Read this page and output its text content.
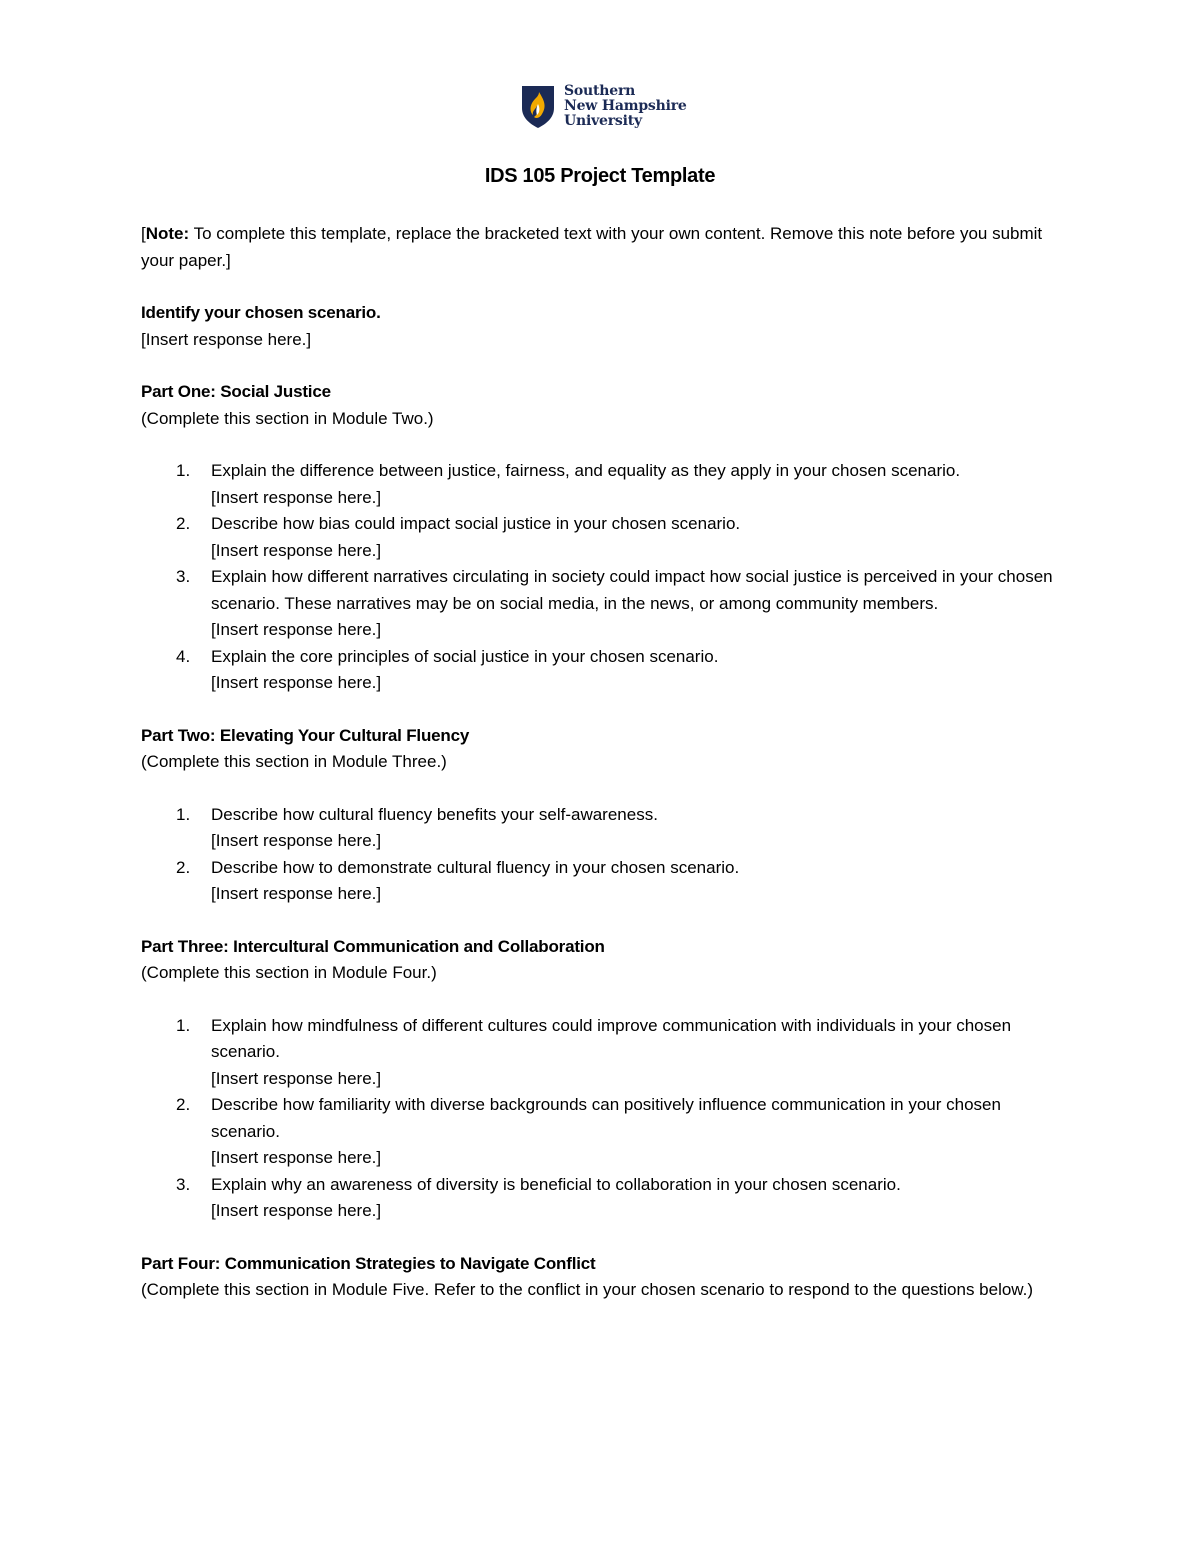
Southern
New Hampshire
University
IDS 105 Project Template

[Note: To complete this template, replace the bracketed text with your own content. Remove this note before you submit your paper.]

Identify your chosen scenario.

[Insert response here.]

Part One: Social Justice

(Complete this section in Module Two.)

1. Explain the difference between justice, fairness, and equality as they apply in your chosen scenario.
[Insert response here.]
2. Describe how bias could impact social justice in your chosen scenario.
[Insert response here.]
3. Explain how different narratives circulating in society could impact how social justice is perceived in your chosen scenario. These narratives may be on social media, in the news, or among community members.
[Insert response here.]
4. Explain the core principles of social justice in your chosen scenario.
[Insert response here.]

Part Two: Elevating Your Cultural Fluency

(Complete this section in Module Three.)

1. Describe how cultural fluency benefits your self-awareness.
[Insert response here.]
2. Describe how to demonstrate cultural fluency in your chosen scenario.
[Insert response here.]

Part Three: Intercultural Communication and Collaboration

(Complete this section in Module Four.)

1. Explain how mindfulness of different cultures could improve communication with individuals in your chosen scenario.
[Insert response here.]
2. Describe how familiarity with diverse backgrounds can positively influence communication in your chosen scenario.
[Insert response here.]
3. Explain why an awareness of diversity is beneficial to collaboration in your chosen scenario.
[Insert response here.]

Part Four: Communication Strategies to Navigate Conflict

(Complete this section in Module Five. Refer to the conflict in your chosen scenario to respond to the questions below.)
